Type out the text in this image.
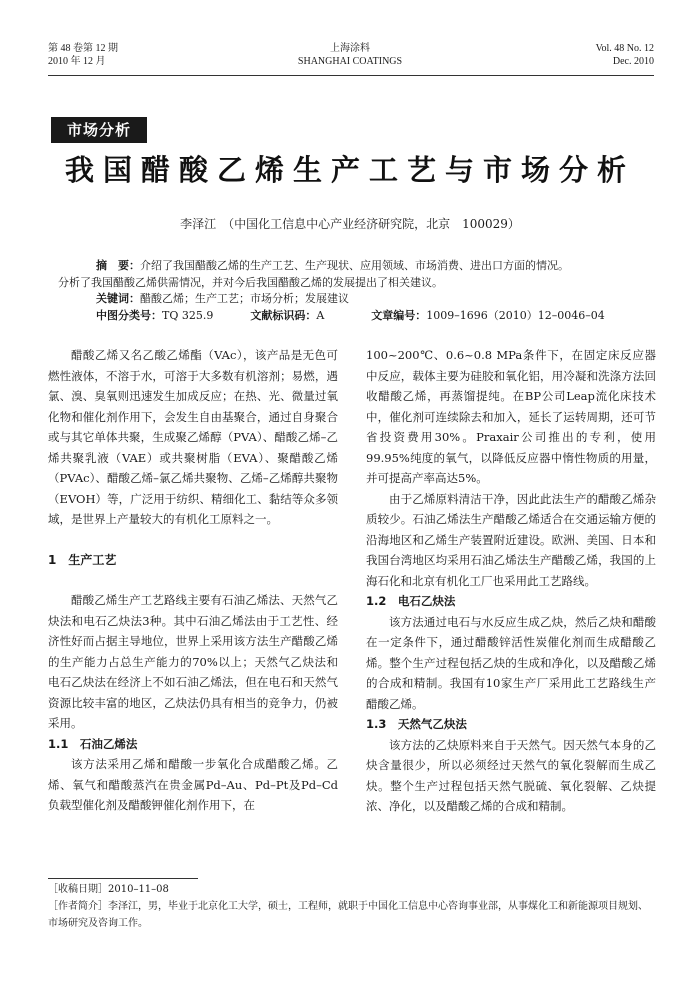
第 48 卷第 12 期
2010 年 12 月
上海涂料
SHANGHAI COATINGS
Vol. 48 No. 12
Dec. 2010
市场分析
我国醋酸乙烯生产工艺与市场分析
李泽江　（中国化工信息中心产业经济研究院，北京　100029）

摘　要：介绍了我国醋酸乙烯的生产工艺、生产现状、应用领域、市场消费、进出口方面的情况。

分析了我国醋酸乙烯供需情况，并对今后我国醋酸乙烯的发展提出了相关建议。

关键词：醋酸乙烯；生产工艺；市场分析；发展建议

中图分类号：TQ 325.9	文献标识码：A	文章编号：1009–1696（2010）12–0046–04

醋酸乙烯又名乙酸乙烯酯（VAc），该产品是无色可燃性液体，不溶于水，可溶于大多数有机溶剂；易燃，遇氯、溴、臭氧则迅速发生加成反应；在热、光、微量过氧化物和催化剂作用下，会发生自由基聚合，通过自身聚合或与其它单体共聚，生成聚乙烯醇（PVA）、醋酸乙烯–乙烯共聚乳液（VAE）或共聚树脂（EVA）、聚醋酸乙烯（PVAc）、醋酸乙烯–氯乙烯共聚物、乙烯–乙烯醇共聚物（EVOH）等，广泛用于纺织、精细化工、黏结等众多领域，是世界上产量较大的有机化工原料之一。

1　生产工艺

醋酸乙烯生产工艺路线主要有石油乙烯法、天然气乙炔法和电石乙炔法3种。其中石油乙烯法由于工艺性、经济性好而占据主导地位，世界上采用该方法生产醋酸乙烯的生产能力占总生产能力的70%以上；天然气乙炔法和电石乙炔法在经济上不如石油乙烯法，但在电石和天然气资源比较丰富的地区，乙炔法仍具有相当的竞争力，仍被采用。

1.1　石油乙烯法

该方法采用乙烯和醋酸一步氧化合成醋酸乙烯。乙烯、氧气和醋酸蒸汽在贵金属Pd–Au、Pd–Pt及Pd–Cd负载型催化剂及醋酸钾催化剂作用下，在

100~200℃、0.6~0.8 MPa条件下，在固定床反应器中反应，载体主要为硅胶和氧化铝，用冷凝和洗涤方法回收醋酸乙烯，再蒸馏提纯。在BP公司Leap流化床技术中，催化剂可连续除去和加入，延长了运转周期，还可节省投资费用30%。Praxair公司推出的专利，使用99.95%纯度的氧气，以降低反应器中惰性物质的用量，并可提高产率高达5%。

由于乙烯原料清洁干净，因此此法生产的醋酸乙烯杂质较少。石油乙烯法生产醋酸乙烯适合在交通运输方便的沿海地区和乙烯生产装置附近建设。欧洲、美国、日本和我国台湾地区均采用石油乙烯法生产醋酸乙烯，我国的上海石化和北京有机化工厂也采用此工艺路线。

1.2　电石乙炔法

该方法通过电石与水反应生成乙炔，然后乙炔和醋酸在一定条件下，通过醋酸锌活性炭催化剂而生成醋酸乙烯。整个生产过程包括乙炔的生成和净化，以及醋酸乙烯的合成和精制。我国有10家生产厂采用此工艺路线生产醋酸乙烯。

1.3　天然气乙炔法

该方法的乙炔原料来自于天然气。因天然气本身的乙炔含量很少，所以必须经过天然气的氧化裂解而生成乙炔。整个生产过程包括天然气脱硫、氧化裂解、乙炔提浓、净化，以及醋酸乙烯的合成和精制。

［收稿日期］2010–11–08

［作者简介］李泽江，男，毕业于北京化工大学，硕士，工程师，就职于中国化工信息中心咨询事业部，从事煤化工和新能源项目规划、市场研究及咨询工作。
